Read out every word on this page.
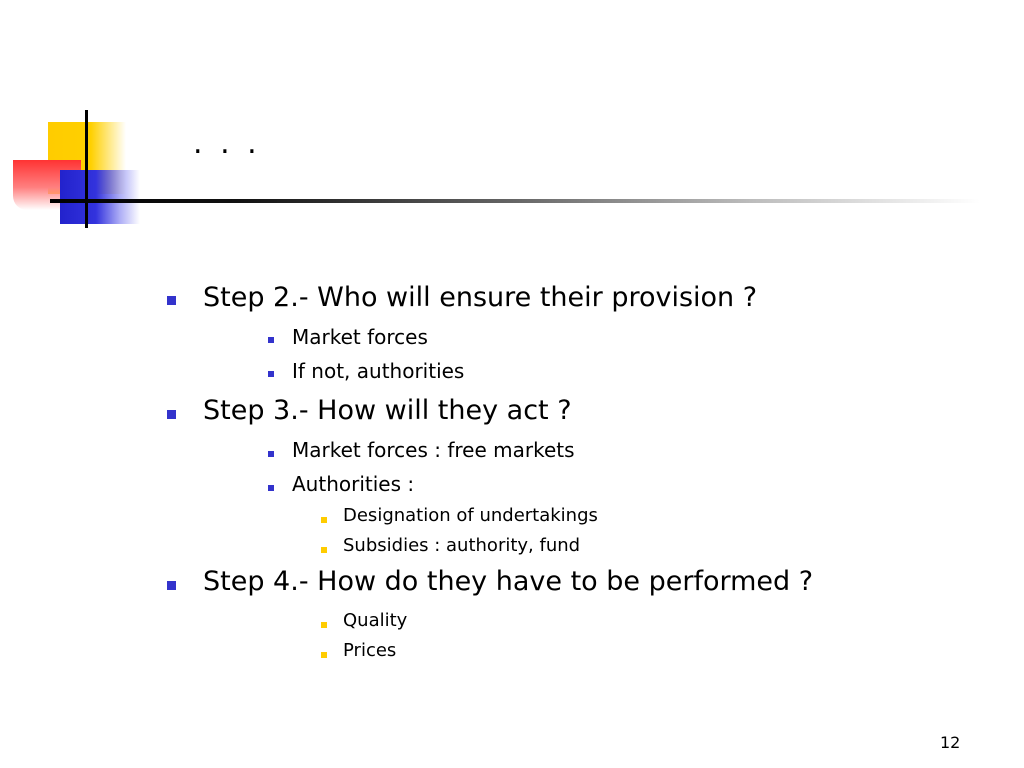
. . .
Step 2.- Who will ensure their provision ?
Market forces
If not, authorities
Step 3.- How will they act ?
Market forces : free markets
Authorities :
Designation of undertakings
Subsidies : authority, fund
Step 4.- How do they have to be performed ?
Quality
Prices
12
